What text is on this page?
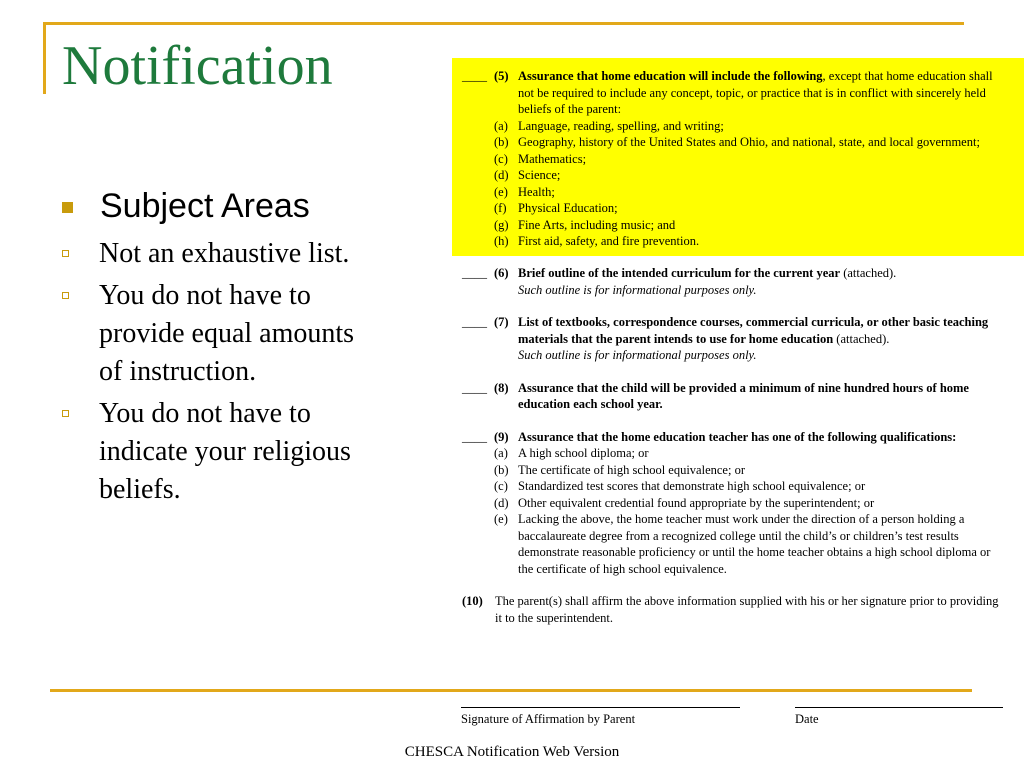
Notification
Subject Areas
Not an exhaustive list.
You do not have to provide equal amounts of instruction.
You do not have to indicate your religious beliefs.
____ (5) Assurance that home education will include the following, except that home education shall not be required to include any concept, topic, or practice that is in conflict with sincerely held beliefs of the parent:
(a) Language, reading, spelling, and writing;
(b) Geography, history of the United States and Ohio, and national, state, and local government;
(c) Mathematics;
(d) Science;
(e) Health;
(f) Physical Education;
(g) Fine Arts, including music; and
(h) First aid, safety, and fire prevention.
____ (6) Brief outline of the intended curriculum for the current year (attached).
Such outline is for informational purposes only.
____ (7) List of textbooks, correspondence courses, commercial curricula, or other basic teaching materials that the parent intends to use for home education (attached).
Such outline is for informational purposes only.
____ (8) Assurance that the child will be provided a minimum of nine hundred hours of home education each school year.
____ (9) Assurance that the home education teacher has one of the following qualifications:
(a) A high school diploma; or
(b) The certificate of high school equivalence; or
(c) Standardized test scores that demonstrate high school equivalence; or
(d) Other equivalent credential found appropriate by the superintendent; or
(e) Lacking the above, the home teacher must work under the direction of a person holding a baccalaureate degree from a recognized college until the child’s or children’s test results demonstrate reasonable proficiency or until the home teacher obtains a high school diploma or the certificate of high school equivalence.
(10) The parent(s) shall affirm the above information supplied with his or her signature prior to providing it to the superintendent.
Signature of Affirmation by Parent	Date
CHESCA Notification Web Version
